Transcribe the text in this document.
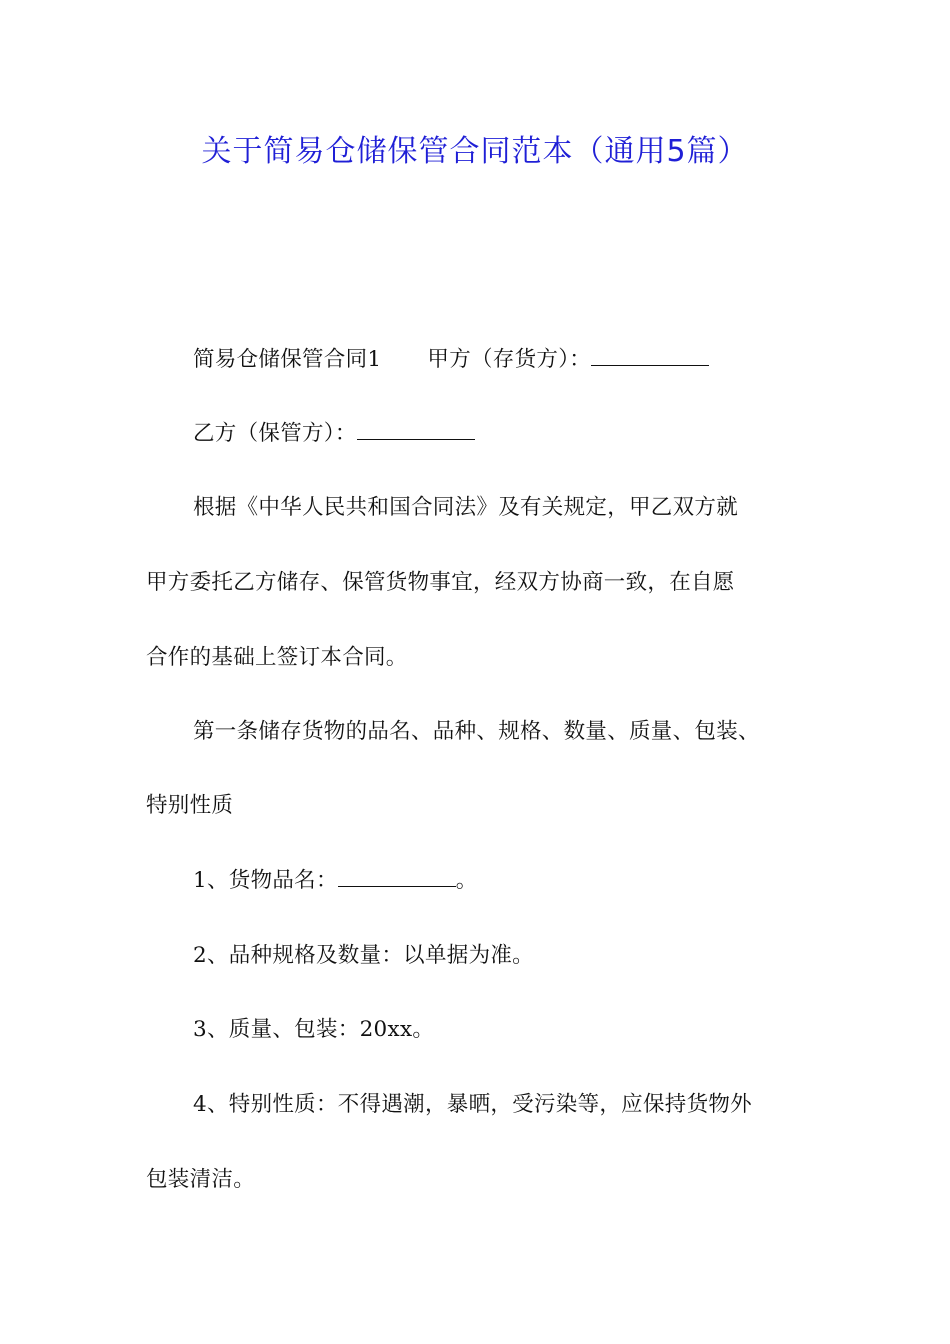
关于简易仓储保管合同范本（通用5篇）
简易仓储保管合同1 甲方（存货方）：
乙方（保管方）：
根据《中华人民共和国合同法》及有关规定，甲乙双方就
甲方委托乙方储存、保管货物事宜，经双方协商一致，在自愿
合作的基础上签订本合同。
第一条储存货物的品名、品种、规格、数量、质量、包装、
特别性质
1、货物品名：	。
2、品种规格及数量：以单据为准。
3、质量、包装：20xx。
4、特别性质：不得遇潮，暴晒，受污染等，应保持货物外
包装清洁。
